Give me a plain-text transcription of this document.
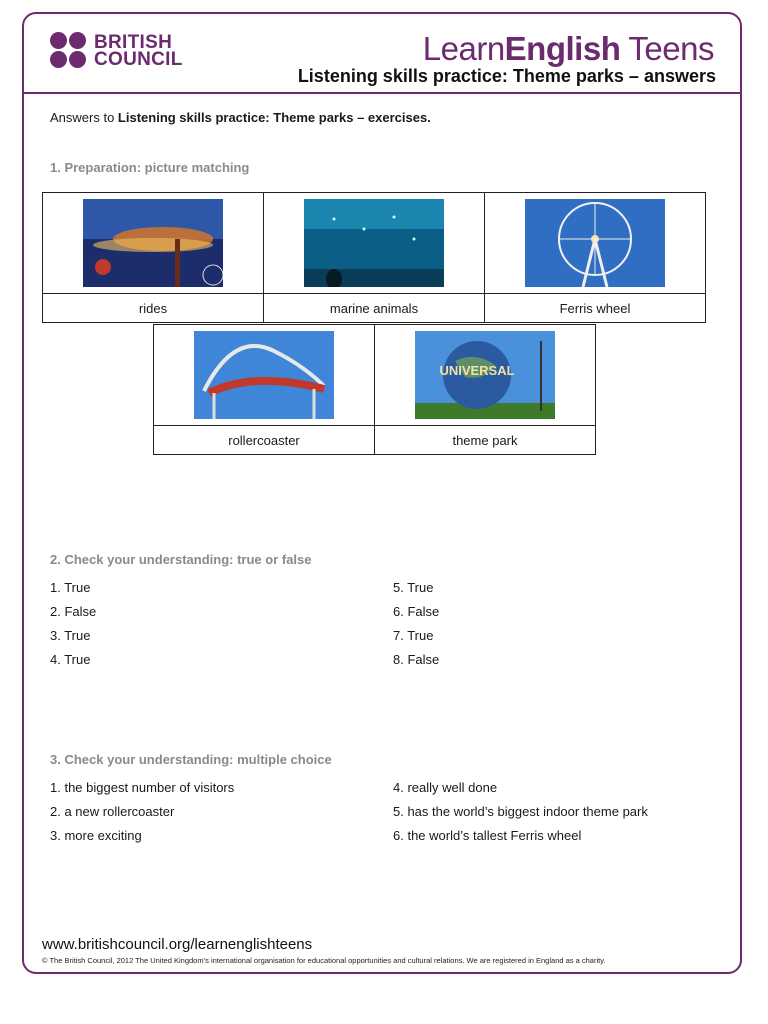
BRITISH
COUNCIL	LearnEnglish Teens
Listening skills practice: Theme parks – answers
Answers to Listening skills practice: Theme parks – exercises.
1. Preparation: picture matching

rides	marine animals	Ferris wheel

UNIVERSAL

rollercoaster	theme park
2. Check your understanding: true or false
1. True
2. False
3. True
4. True
5. True
6. False
7. True
8. False
3. Check your understanding: multiple choice
1. the biggest number of visitors
2. a new rollercoaster
3. more exciting
4. really well done
5. has the world’s biggest indoor theme park
6. the world’s tallest Ferris wheel
www.britishcouncil.org/learnenglishteens
© The British Council, 2012 The United Kingdom’s international organisation for educational opportunities and cultural relations. We are registered in England as a charity.
